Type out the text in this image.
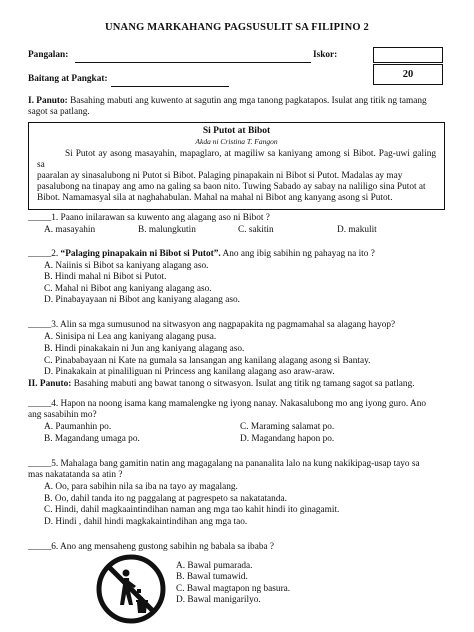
UNANG MARKAHANG PAGSUSULIT SA FILIPINO 2
Pangalan:	Iskor:
20
Baitang at Pangkat:
I. Panuto: Basahing mabuti ang kuwento at sagutin ang mga tanong pagkatapos. Isulat ang titik ng tamang
sagot sa patlang.
Si Putot at Bibot
Akda ni Cristina T. Fangon
Si Putot ay asong masayahin, mapaglaro, at magiliw sa kaniyang among si Bibot. Pag-uwi galing sa
paaralan ay sinasalubong ni Putot si Bibot. Palaging pinapakain ni Bibot si Putot. Madalas ay may
pasalubong na tinapay ang amo na galing sa baon nito. Tuwing Sabado ay sabay na naliligo sina Putot at
Bibot. Namamasyal sila at naghahabulan. Mahal na mahal ni Bibot ang kanyang asong si Putot.
_____1. Paano inilarawan sa kuwento ang alagang aso ni Bibot ?
A. masayahin	B. malungkutin	C. sakitin	D. makulit
_____2. “Palaging pinapakain ni Bibot si Putot”. Ano ang ibig sabihin ng pahayag na ito ?
A. Naiinis si Bibot sa kaniyang alagang aso.
B. Hindi mahal ni Bibot si Putot.
C. Mahal ni Bibot ang kaniyang alagang aso.
D. Pinabayayaan ni Bibot ang kaniyang alagang aso.
_____3. Alin sa mga sumusunod na sitwasyon ang nagpapakita ng pagmamahal sa alagang hayop?
A. Sinisipa ni Lea ang kaniyang alagang pusa.
B. Hindi pinakakain ni Jun ang kaniyang alagang aso.
C. Pinababayaan ni Kate na gumala sa lansangan ang kanilang alagang asong si Bantay.
D. Pinakakain at pinaliliguan ni Princess ang kanilang alagang aso araw-araw.
II. Panuto: Basahing mabuti ang bawat tanong o sitwasyon. Isulat ang titik ng tamang sagot sa patlang.
_____4. Hapon na noong isama kang mamalengke ng iyong nanay. Nakasalubong mo ang iyong guro. Ano
ang sasabihin mo?
A. Paumanhin po.
B. Magandang umaga po.
C. Maraming salamat po.
D. Magandang hapon po.
_____5. Mahalaga bang gamitin natin ang magagalang na pananalita lalo na kung nakikipag-usap tayo sa
mas nakatatanda sa atin ?
A. Oo, para sabihin nila sa iba na tayo ay magalang.
B. Oo, dahil tanda ito ng paggalang at pagrespeto sa nakatatanda.
C. Hindi, dahil magkaaintindihan naman ang mga tao kahit hindi ito ginagamit.
D. Hindi , dahil hindi magkakaintindihan ang mga tao.
_____6. Ano ang mensaheng gustong sabihin ng babala sa ibaba ?
A. Bawal pumarada.
B. Bawal tumawid.
C. Bawal magtapon ng basura.
D. Bawal manigarilyo.
